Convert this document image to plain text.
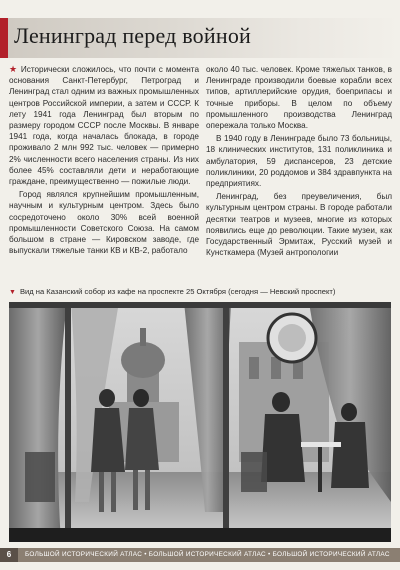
Ленинград перед войной

★ Исторически сложилось, что почти с момента основания Санкт-Петербург, Петроград и Ленинград стал одним из важных промышленных центров Российской империи, а затем и СССР. К лету 1941 года Ленинград был вторым по размеру городом СССР после Москвы. В январе 1941 года, когда началась блокада, в городе проживало 2 млн 992 тыс. человек — примерно 2% численности всего населения страны. Из них более 45% составляли дети и неработающие граждане, преимущественно — пожилые люди.

Город являлся крупнейшим промышленным, научным и культурным центром. Здесь было сосредоточено около 30% всей военной промышленности Советского Союза. На самом большом в стране — Кировском заводе, где выпускали тяжелые танки КВ и КВ-2, работало

около 40 тыс. человек. Кроме тяжелых танков, в Ленинграде производили боевые корабли всех типов, артиллерийские орудия, боеприпасы и точные приборы. В целом по объему промышленного производства Ленинград опережала только Москва.

В 1940 году в Ленинграде было 73 больницы, 18 клинических институтов, 131 поликлиника и амбулатория, 59 диспансеров, 23 детские поликлиники, 20 роддомов и 384 здравпункта на предприятиях.

Ленинград, без преувеличения, был культурным центром страны. В городе работали десятки театров и музеев, многие из которых появились еще до революции. Такие музеи, как Государственный Эрмитаж, Русский музей и Кунсткамера (Музей антропологии

▼ Вид на Казанский собор из кафе на проспекте 25 Октября (сегодня — Невский проспект)
6	БОЛЬШОЙ ИСТОРИЧЕСКИЙ АТЛАС • БОЛЬШОЙ ИСТОРИЧЕСКИЙ АТЛАС • БОЛЬШОЙ ИСТОРИЧЕСКИЙ АТЛАС
